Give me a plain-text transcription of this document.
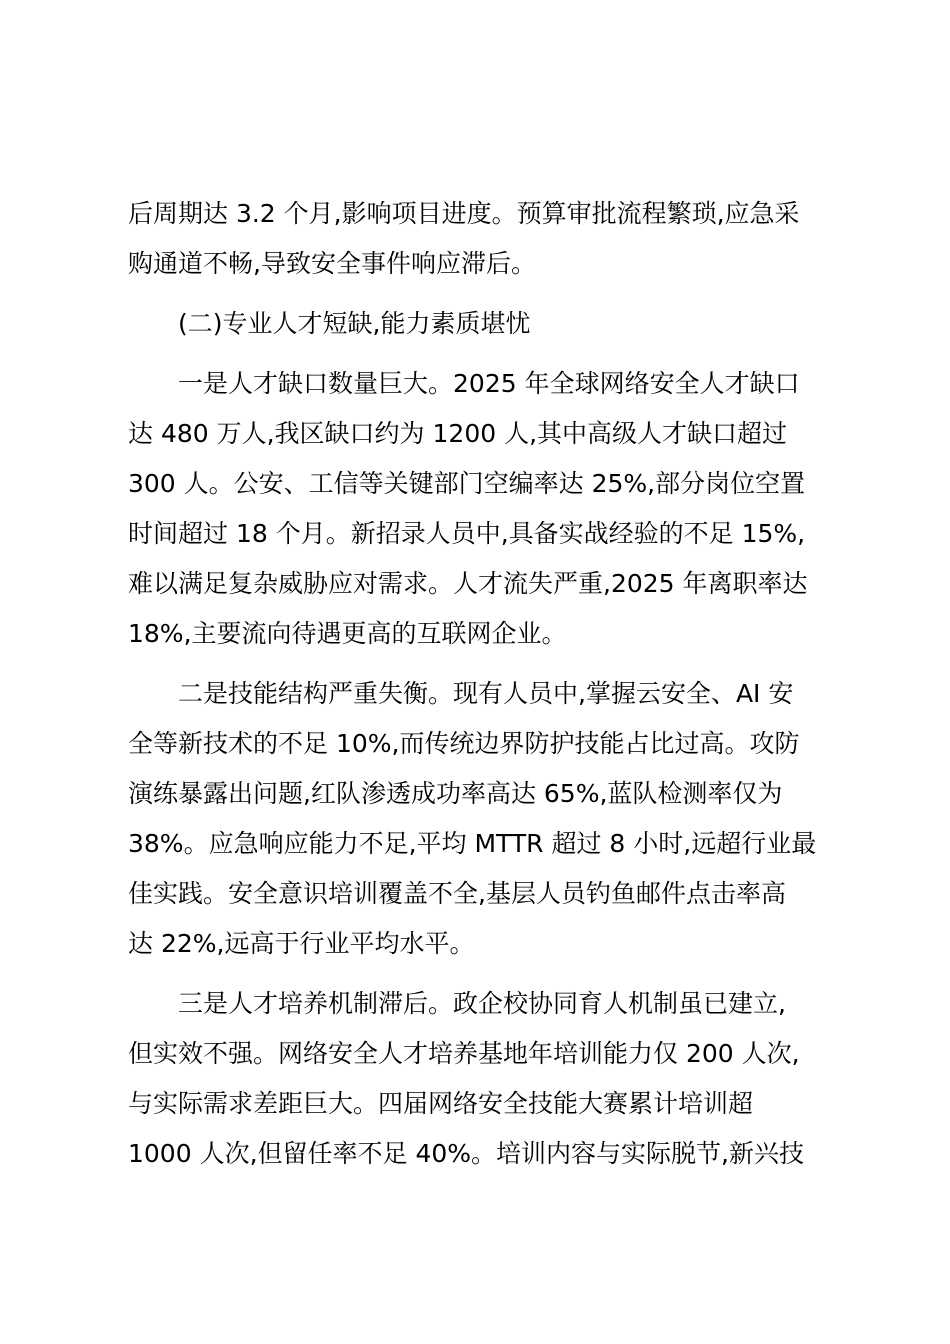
后周期达 3.2 个月,影响项目进度。预算审批流程繁琐,应急采
购通道不畅,导致安全事件响应滞后。

(二)专业人才短缺,能力素质堪忧

一是人才缺口数量巨大。2025 年全球网络安全人才缺口
达 480 万人,我区缺口约为 1200 人,其中高级人才缺口超过
300 人。公安、工信等关键部门空编率达 25%,部分岗位空置
时间超过 18 个月。新招录人员中,具备实战经验的不足 15%,
难以满足复杂威胁应对需求。人才流失严重,2025 年离职率达
18%,主要流向待遇更高的互联网企业。

二是技能结构严重失衡。现有人员中,掌握云安全、AI 安
全等新技术的不足 10%,而传统边界防护技能占比过高。攻防
演练暴露出问题,红队渗透成功率高达 65%,蓝队检测率仅为
38%。应急响应能力不足,平均 MTTR 超过 8 小时,远超行业最
佳实践。安全意识培训覆盖不全,基层人员钓鱼邮件点击率高
达 22%,远高于行业平均水平。

三是人才培养机制滞后。政企校协同育人机制虽已建立,
但实效不强。网络安全人才培养基地年培训能力仅 200 人次,
与实际需求差距巨大。四届网络安全技能大赛累计培训超
1000 人次,但留任率不足 40%。培训内容与实际脱节,新兴技
